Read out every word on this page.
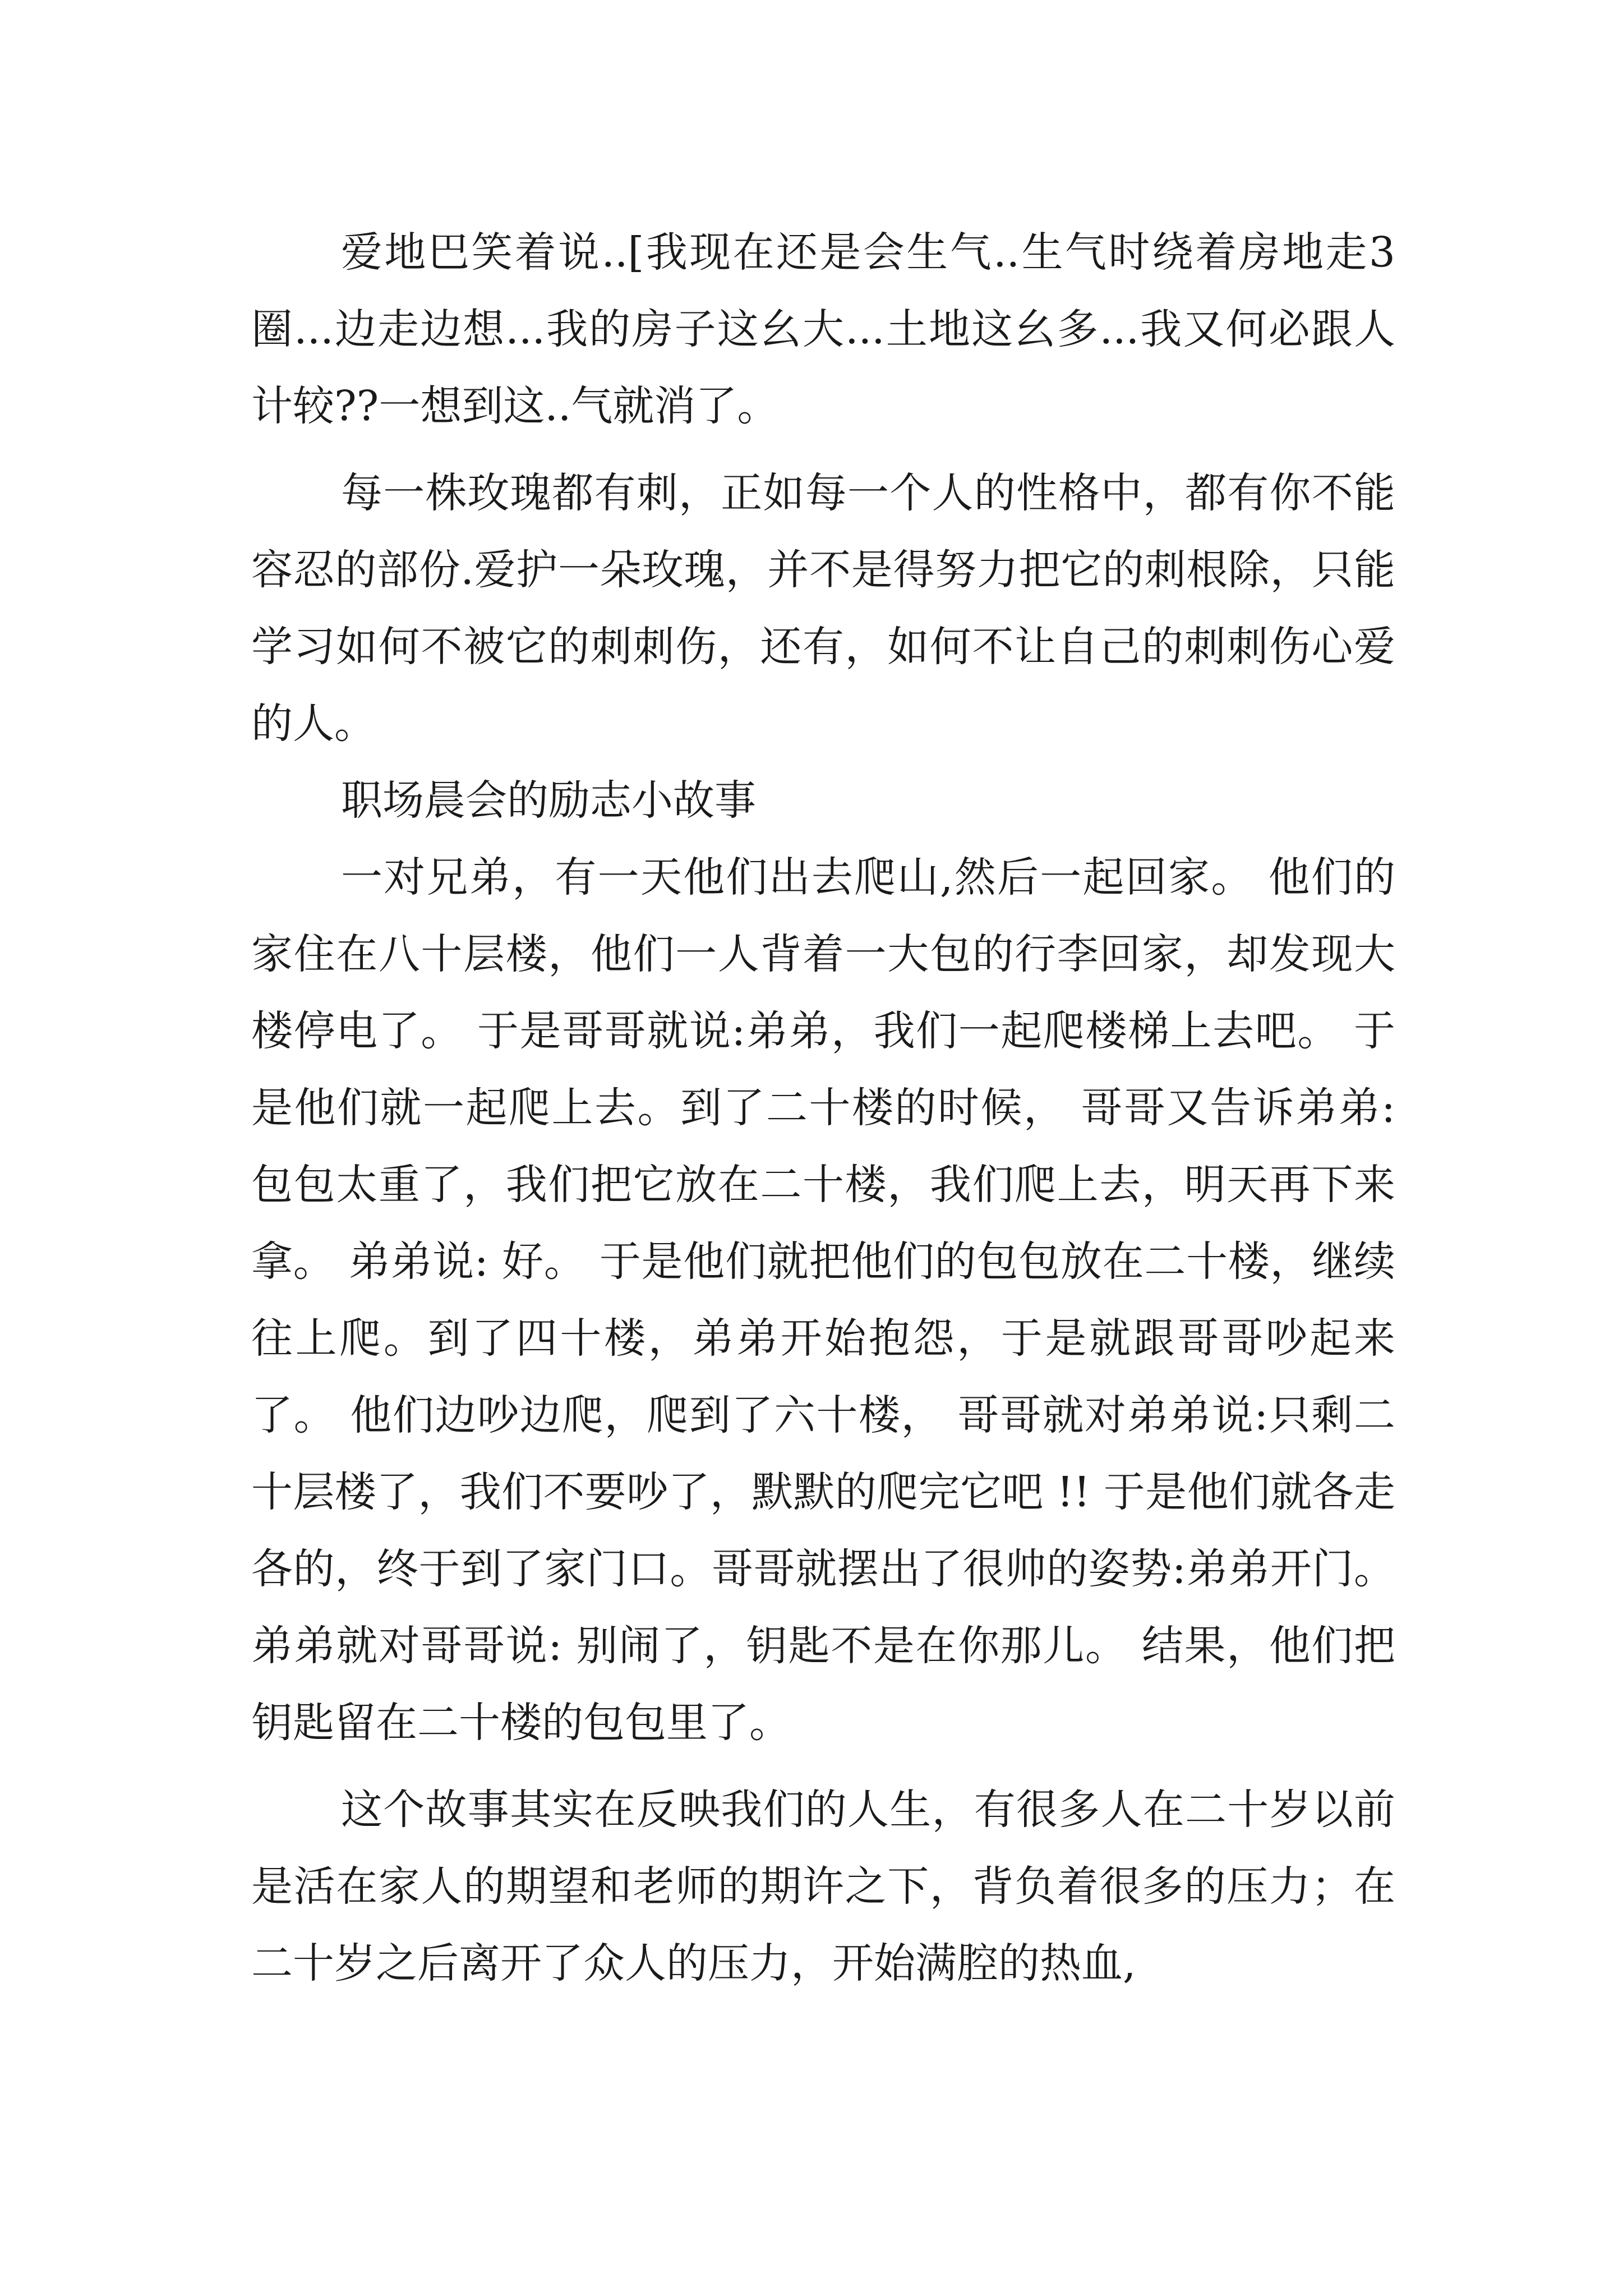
爱地巴笑着说..[我现在还是会生气..生气时绕着房地走3圈...边走边想...我的房子这幺大...土地这幺多...我又何必跟人计较??一想到这..气就消了。

每一株玫瑰都有刺，正如每一个人的性格中，都有你不能容忍的部份.爱护一朵玫瑰，并不是得努力把它的刺根除，只能学习如何不被它的刺刺伤，还有，如何不让自己的刺刺伤心爱的人。

职场晨会的励志小故事

一对兄弟，有一天他们出去爬山,然后一起回家。 他们的家住在八十层楼，他们一人背着一大包的行李回家，却发现大楼停电了。 于是哥哥就说:弟弟，我们一起爬楼梯上去吧。 于是他们就一起爬上去。到了二十楼的时候， 哥哥又告诉弟弟: 包包太重了，我们把它放在二十楼，我们爬上去，明天再下来拿。 弟弟说: 好。 于是他们就把他们的包包放在二十楼，继续往上爬。到了四十楼，弟弟开始抱怨，于是就跟哥哥吵起来了。 他们边吵边爬，爬到了六十楼， 哥哥就对弟弟说:只剩二十层楼了，我们不要吵了，默默的爬完它吧 !! 于是他们就各走各的，终于到了家门口。哥哥就摆出了很帅的姿势:弟弟开门。 弟弟就对哥哥说: 别闹了，钥匙不是在你那儿。 结果，他们把钥匙留在二十楼的包包里了。

这个故事其实在反映我们的人生，有很多人在二十岁以前是活在家人的期望和老师的期许之下，背负着很多的压力；在二十岁之后离开了众人的压力，开始满腔的热血,
